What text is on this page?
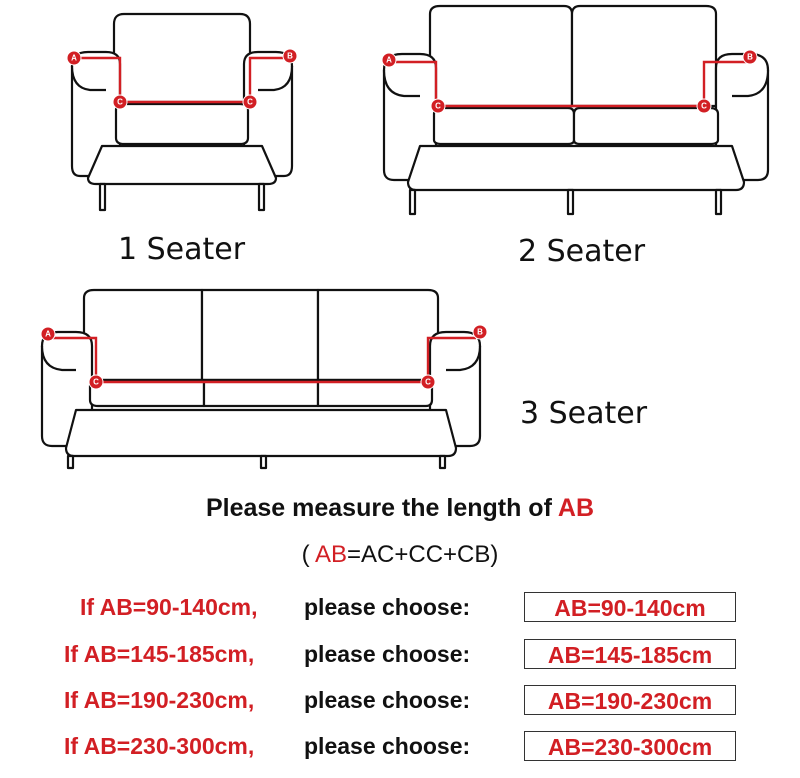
A	B
C	C
A	B
C	C
A	B
C	C
1 Seater	2 Seater
3 Seater
Please measure the length of AB
( AB=AC+CC+CB)
If AB=90-140cm, please choose:	AB=90-140cm
If AB=145-185cm, please choose:	AB=145-185cm
If AB=190-230cm, please choose:	AB=190-230cm
If AB=230-300cm, please choose:	AB=230-300cm
